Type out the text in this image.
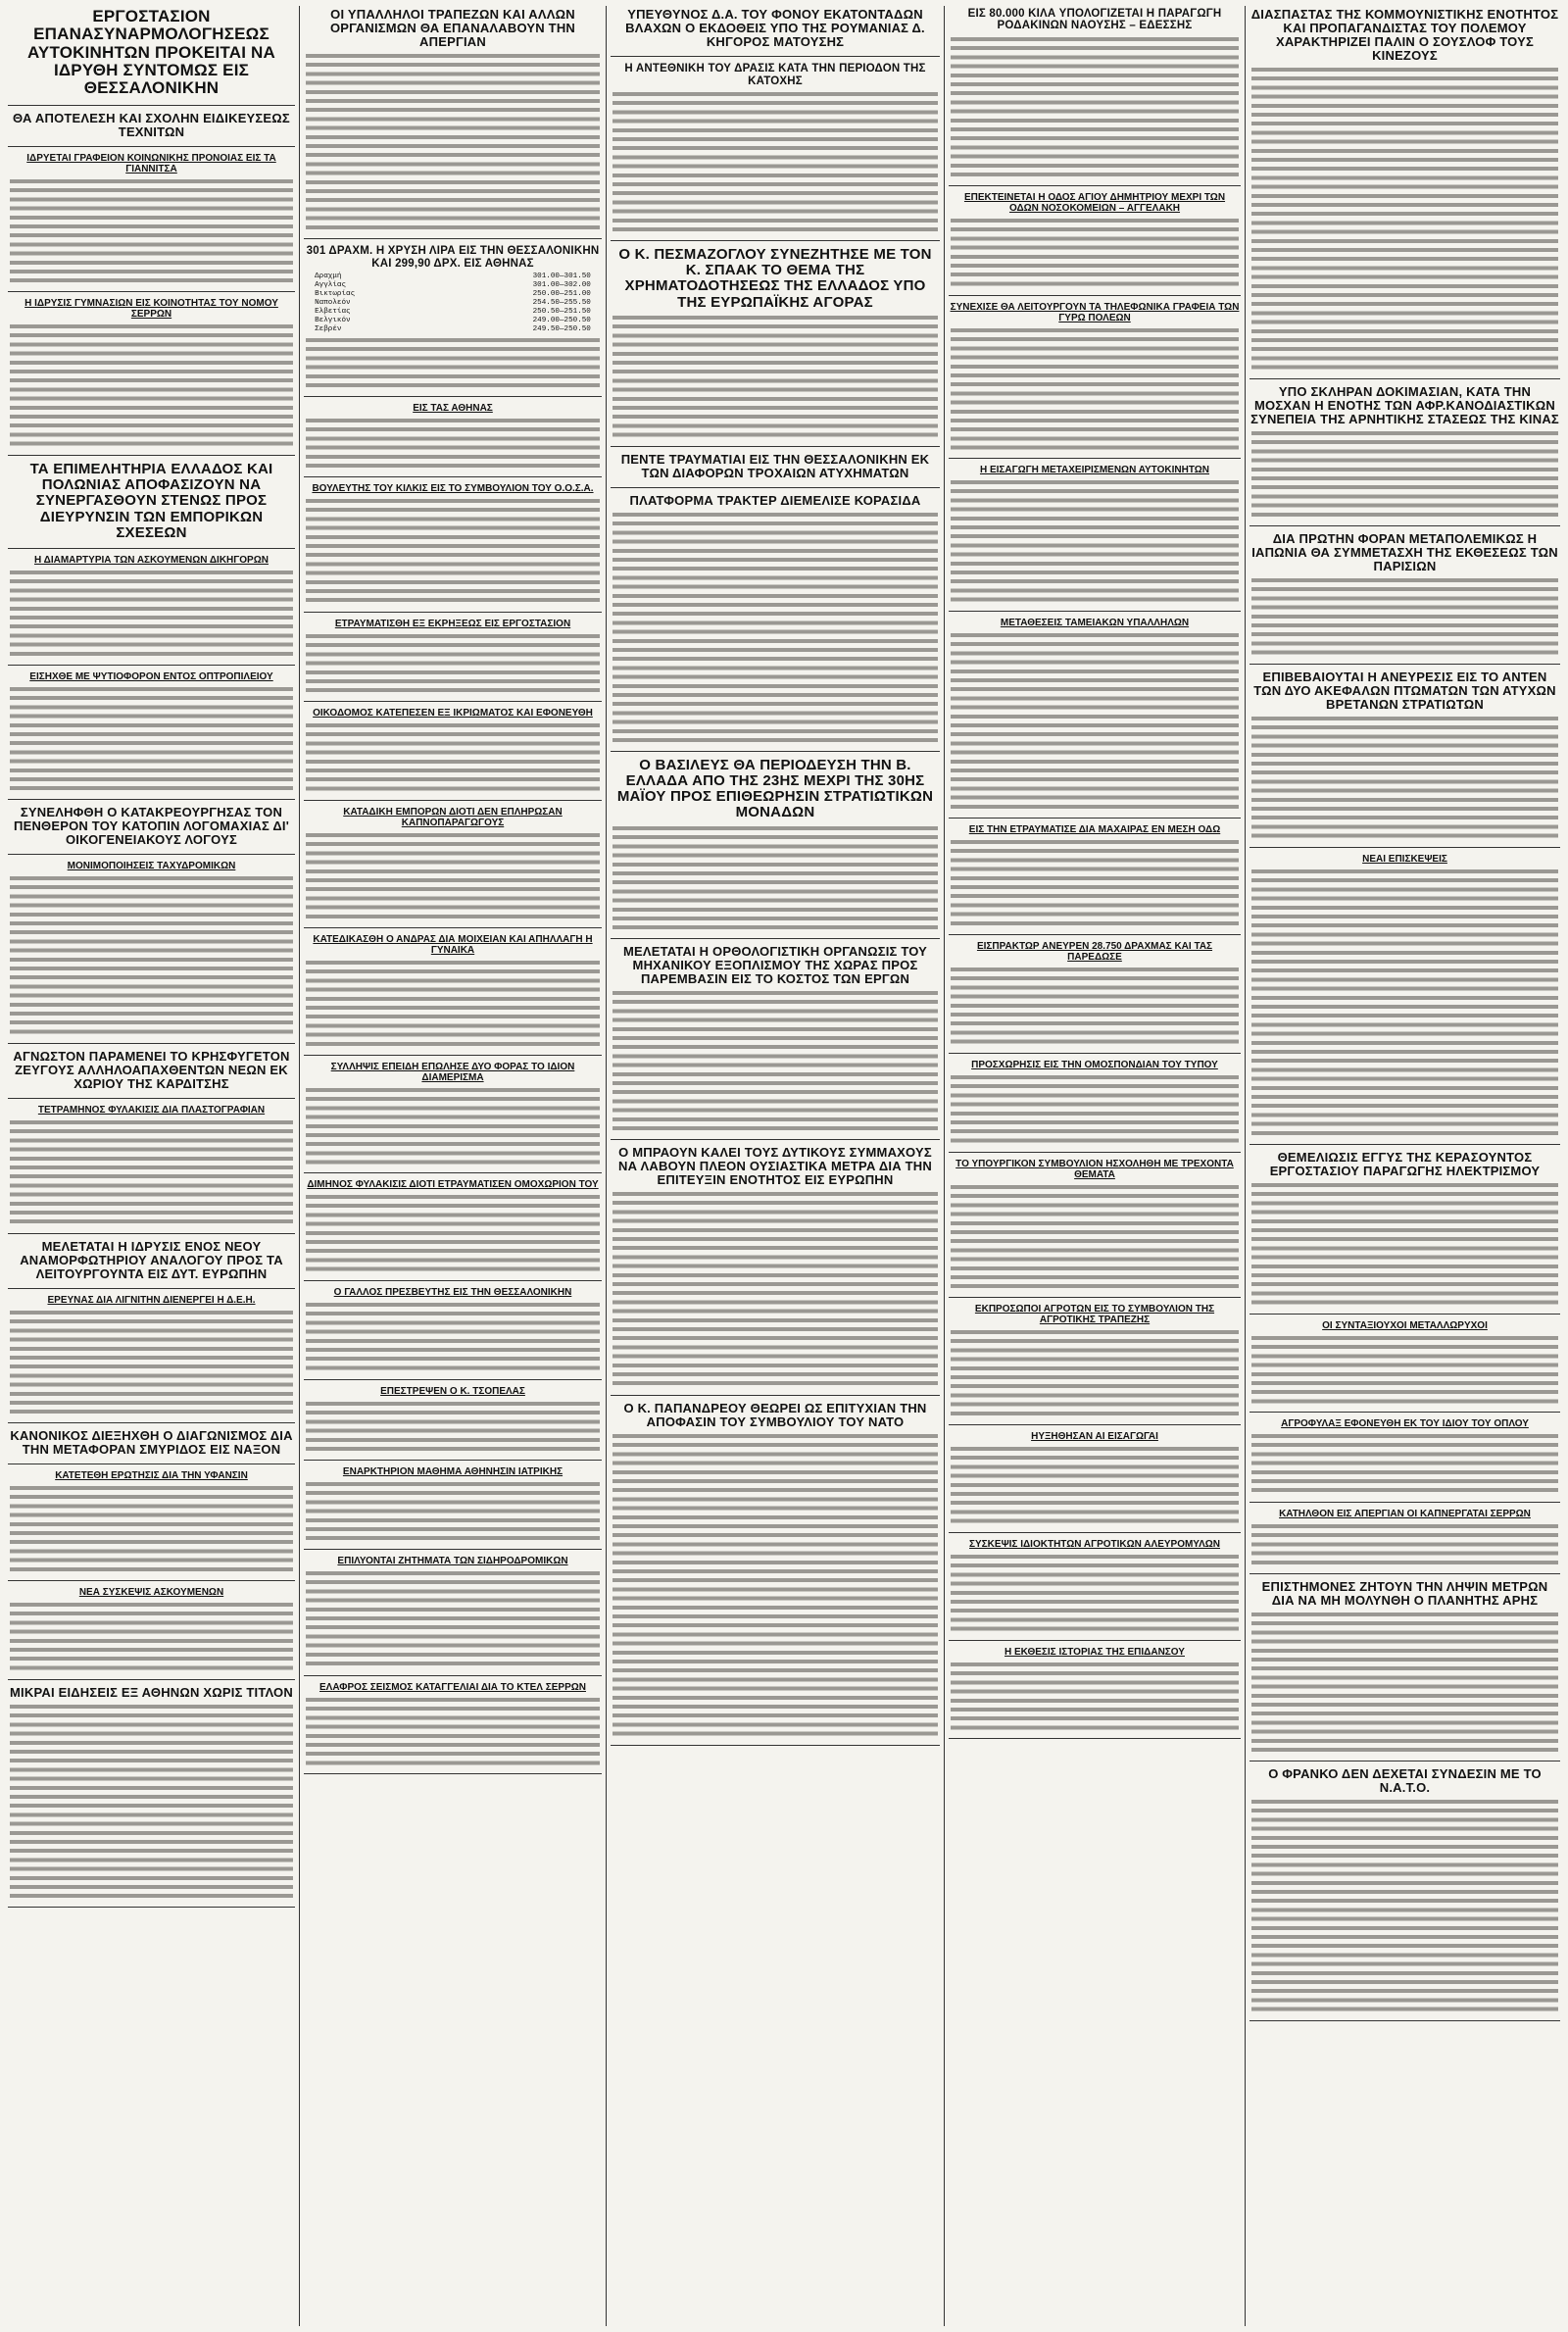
ΕΡΓΟΣΤΑΣΙΟΝ ΕΠΑΝΑΣΥΝΑΡΜΟΛΟΓΗΣΕΩΣ ΑΥΤΟΚΙΝΗΤΩΝ ΠΡΟΚΕΙΤΑΙ ΝΑ ΙΔΡΥΘΗ ΣΥΝΤΟΜΩΣ ΕΙΣ ΘΕΣΣΑΛΟΝΙΚΗΝ
ΘΑ ΑΠΟΤΕΛΕΣΗ ΚΑΙ ΣΧΟΛΗΝ ΕΙΔΙΚΕΥΣΕΩΣ ΤΕΧΝΙΤΩΝ
ΙΔΡΥΕΤΑΙ ΓΡΑΦΕΙΟΝ ΚΟΙΝΩΝΙΚΗΣ ΠΡΟΝΟΙΑΣ ΕΙΣ ΤΑ ΓΙΑΝΝΙΤΣΑ

Η ΙΔΡΥΣΙΣ ΓΥΜΝΑΣΙΩΝ ΕΙΣ ΚΟΙΝΟΤΗΤΑΣ ΤΟΥ ΝΟΜΟΥ ΣΕΡΡΩΝ

ΤΑ ΕΠΙΜΕΛΗΤΗΡΙΑ ΕΛΛΑΔΟΣ ΚΑΙ ΠΟΛΩΝΙΑΣ ΑΠΟΦΑΣΙΖΟΥΝ ΝΑ ΣΥΝΕΡΓΑΣΘΟΥΝ ΣΤΕΝΩΣ ΠΡΟΣ ΔΙΕΥΡΥΝΣΙΝ ΤΩΝ ΕΜΠΟΡΙΚΩΝ ΣΧΕΣΕΩΝ
Η ΔΙΑΜΑΡΤΥΡΙΑ ΤΩΝ ΑΣΚΟΥΜΕΝΩΝ ΔΙΚΗΓΟΡΩΝ

ΕΙΣΗΧΘΕ ΜΕ ΨΥΤΙΟΦΟΡΟΝ ΕΝΤΟΣ ΟΠΤΡΟΠΙΛΕΙΟΥ

ΣΥΝΕΛΗΦΘΗ Ο ΚΑΤΑΚΡΕΟΥΡΓΗΣΑΣ ΤΟΝ ΠΕΝΘΕΡΟΝ ΤΟΥ ΚΑΤΟΠΙΝ ΛΟΓΟΜΑΧΙΑΣ ΔΙ' ΟΙΚΟΓΕΝΕΙΑΚΟΥΣ ΛΟΓΟΥΣ
ΜΟΝΙΜΟΠΟΙΗΣΕΙΣ ΤΑΧΥΔΡΟΜΙΚΩΝ

ΑΓΝΩΣΤΟΝ ΠΑΡΑΜΕΝΕΙ ΤΟ ΚΡΗΣΦΥΓΕΤΟΝ ΖΕΥΓΟΥΣ ΑΛΛΗΛΟΑΠΑΧΘΕΝΤΩΝ ΝΕΩΝ ΕΚ ΧΩΡΙΟΥ ΤΗΣ ΚΑΡΔΙΤΣΗΣ
ΤΕΤΡΑΜΗΝΟΣ ΦΥΛΑΚΙΣΙΣ ΔΙΑ ΠΛΑΣΤΟΓΡΑΦΙΑΝ

ΜΕΛΕΤΑΤΑΙ Η ΙΔΡΥΣΙΣ ΕΝΟΣ ΝΕΟΥ ΑΝΑΜΟΡΦΩΤΗΡΙΟΥ ΑΝΑΛΟΓΟΥ ΠΡΟΣ ΤΑ ΛΕΙΤΟΥΡΓΟΥΝΤΑ ΕΙΣ ΔΥΤ. ΕΥΡΩΠΗΝ
ΕΡΕΥΝΑΣ ΔΙΑ ΛΙΓΝΙΤΗΝ ΔΙΕΝΕΡΓΕΙ Η Δ.Ε.Η.

ΚΑΝΟΝΙΚΟΣ ΔΙΕΞΗΧΘΗ Ο ΔΙΑΓΩΝΙΣΜΟΣ ΔΙΑ ΤΗΝ ΜΕΤΑΦΟΡΑΝ ΣΜΥΡΙΔΟΣ ΕΙΣ ΝΑΞΟΝ
ΚΑΤΕΤΕΘΗ ΕΡΩΤΗΣΙΣ ΔΙΑ ΤΗΝ ΥΦΑΝΣΙΝ

ΝΕΑ ΣΥΣΚΕΨΙΣ ΑΣΚΟΥΜΕΝΩΝ

ΜΙΚΡΑΙ ΕΙΔΗΣΕΙΣ ΕΞ ΑΘΗΝΩΝ ΧΩΡΙΣ ΤΙΤΛΟΝ

ΟΙ ΥΠΑΛΛΗΛΟΙ ΤΡΑΠΕΖΩΝ ΚΑΙ ΑΛΛΩΝ ΟΡΓΑΝΙΣΜΩΝ ΘΑ ΕΠΑΝΑΛΑΒΟΥΝ ΤΗΝ ΑΠΕΡΓΙΑΝ

301 ΔΡΑΧΜ. Η ΧΡΥΣΗ ΛΙΡΑ ΕΙΣ ΤΗΝ ΘΕΣΣΑΛΟΝΙΚΗΝ ΚΑΙ 299,90 ΔΡΧ. ΕΙΣ ΑΘΗΝΑΣ
Δραχμή	301.00—301.50
Αγγλίας	301.00—302.00
Βικτωρίας	250.00—251.00
Ναπολεόν	254.50—255.50
Ελβετίας	250.50—251.50
Βελγικόν	249.00—250.50
Σεβρέν	249.50—250.50

ΕΙΣ ΤΑΣ ΑΘΗΝΑΣ

ΒΟΥΛΕΥΤΗΣ ΤΟΥ ΚΙΛΚΙΣ ΕΙΣ ΤΟ ΣΥΜΒΟΥΛΙΟΝ ΤΟΥ Ο.Ο.Σ.Α.

ΕΤΡΑΥΜΑΤΙΣΘΗ ΕΞ ΕΚΡΗΞΕΩΣ ΕΙΣ ΕΡΓΟΣΤΑΣΙΟΝ

ΟΙΚΟΔΟΜΟΣ ΚΑΤΕΠΕΣΕΝ ΕΞ ΙΚΡΙΩΜΑΤΟΣ ΚΑΙ ΕΦΟΝΕΥΘΗ

ΚΑΤΑΔΙΚΗ ΕΜΠΟΡΩΝ ΔΙΟΤΙ ΔΕΝ ΕΠΛΗΡΩΣΑΝ ΚΑΠΝΟΠΑΡΑΓΩΓΟΥΣ

ΚΑΤΕΔΙΚΑΣΘΗ Ο ΑΝΔΡΑΣ ΔΙΑ ΜΟΙΧΕΙΑΝ ΚΑΙ ΑΠΗΛΛΑΓΗ Η ΓΥΝΑΙΚΑ

ΣΥΛΛΗΨΙΣ ΕΠΕΙΔΗ ΕΠΩΛΗΣΕ ΔΥΟ ΦΟΡΑΣ ΤΟ ΙΔΙΟΝ ΔΙΑΜΕΡΙΣΜΑ

ΔΙΜΗΝΟΣ ΦΥΛΑΚΙΣΙΣ ΔΙΟΤΙ ΕΤΡΑΥΜΑΤΙΣΕΝ ΟΜΟΧΩΡΙΟΝ ΤΟΥ

Ο ΓΑΛΛΟΣ ΠΡΕΣΒΕΥΤΗΣ ΕΙΣ ΤΗΝ ΘΕΣΣΑΛΟΝΙΚΗΝ

ΕΠΕΣΤΡΕΨΕΝ Ο Κ. ΤΣΟΠΕΛΑΣ

ΕΝΑΡΚΤΗΡΙΟΝ ΜΑΘΗΜΑ ΑΘΗΝΗΣΙΝ ΙΑΤΡΙΚΗΣ

ΕΠΙΛΥΟΝΤΑΙ ΖΗΤΗΜΑΤΑ ΤΩΝ ΣΙΔΗΡΟΔΡΟΜΙΚΩΝ

ΕΛΑΦΡΟΣ ΣΕΙΣΜΟΣ ΚΑΤΑΓΓΕΛΙΑΙ ΔΙΑ ΤΟ ΚΤΕΛ ΣΕΡΡΩΝ

ΥΠΕΥΘΥΝΟΣ Δ.Α. ΤΟΥ ΦΟΝΟΥ ΕΚΑΤΟΝΤΑΔΩΝ ΒΛΑΧΩΝ Ο ΕΚΔΟΘΕΙΣ ΥΠΟ ΤΗΣ ΡΟΥΜΑΝΙΑΣ Δ. ΚΗΓΟΡΟΣ ΜΑΤΟΥΣΗΣ
Η ΑΝΤΕΘΝΙΚΗ ΤΟΥ ΔΡΑΣΙΣ ΚΑΤΑ ΤΗΝ ΠΕΡΙΟΔΟΝ ΤΗΣ ΚΑΤΟΧΗΣ

Ο Κ. ΠΕΣΜΑΖΟΓΛΟΥ ΣΥΝΕΖΗΤΗΣΕ ΜΕ ΤΟΝ Κ. ΣΠΑΑΚ ΤΟ ΘΕΜΑ ΤΗΣ ΧΡΗΜΑΤΟΔΟΤΗΣΕΩΣ ΤΗΣ ΕΛΛΑΔΟΣ ΥΠΟ ΤΗΣ ΕΥΡΩΠΑΪΚΗΣ ΑΓΟΡΑΣ

ΠΕΝΤΕ ΤΡΑΥΜΑΤΙΑΙ ΕΙΣ ΤΗΝ ΘΕΣΣΑΛΟΝΙΚΗΝ ΕΚ ΤΩΝ ΔΙΑΦΟΡΩΝ ΤΡΟΧΑΙΩΝ ΑΤΥΧΗΜΑΤΩΝ
ΠΛΑΤΦΟΡΜΑ ΤΡΑΚΤΕΡ ΔΙΕΜΕΛΙΣΕ ΚΟΡΑΣΙΔΑ

Ο ΒΑΣΙΛΕΥΣ ΘΑ ΠΕΡΙΟΔΕΥΣΗ ΤΗΝ Β. ΕΛΛΑΔΑ ΑΠΟ ΤΗΣ 23ΗΣ ΜΕΧΡΙ ΤΗΣ 30ΗΣ ΜΑΪΟΥ ΠΡΟΣ ΕΠΙΘΕΩΡΗΣΙΝ ΣΤΡΑΤΙΩΤΙΚΩΝ ΜΟΝΑΔΩΝ

ΜΕΛΕΤΑΤΑΙ Η ΟΡΘΟΛΟΓΙΣΤΙΚΗ ΟΡΓΑΝΩΣΙΣ ΤΟΥ ΜΗΧΑΝΙΚΟΥ ΕΞΟΠΛΙΣΜΟΥ ΤΗΣ ΧΩΡΑΣ ΠΡΟΣ ΠΑΡΕΜΒΑΣΙΝ ΕΙΣ ΤΟ ΚΟΣΤΟΣ ΤΩΝ ΕΡΓΩΝ

Ο ΜΠΡΑΟΥΝ ΚΑΛΕΙ ΤΟΥΣ ΔΥΤΙΚΟΥΣ ΣΥΜΜΑΧΟΥΣ ΝΑ ΛΑΒΟΥΝ ΠΛΕΟΝ ΟΥΣΙΑΣΤΙΚΑ ΜΕΤΡΑ ΔΙΑ ΤΗΝ ΕΠΙΤΕΥΞΙΝ ΕΝΟΤΗΤΟΣ ΕΙΣ ΕΥΡΩΠΗΝ

Ο Κ. ΠΑΠΑΝΔΡΕΟΥ ΘΕΩΡΕΙ ΩΣ ΕΠΙΤΥΧΙΑΝ ΤΗΝ ΑΠΟΦΑΣΙΝ ΤΟΥ ΣΥΜΒΟΥΛΙΟΥ ΤΟΥ ΝΑΤΟ

ΕΙΣ 80.000 ΚΙΛΑ ΥΠΟΛΟΓΙΖΕΤΑΙ Η ΠΑΡΑΓΩΓΗ ΡΟΔΑΚΙΝΩΝ ΝΑΟΥΣΗΣ – ΕΔΕΣΣΗΣ

ΕΠΕΚΤΕΙΝΕΤΑΙ Η ΟΔΟΣ ΑΓΙΟΥ ΔΗΜΗΤΡΙΟΥ ΜΕΧΡΙ ΤΩΝ ΟΔΩΝ ΝΟΣΟΚΟΜΕΙΩΝ – ΑΓΓΕΛΑΚΗ

ΣΥΝΕΧΙΣΕ ΘΑ ΛΕΙΤΟΥΡΓΟΥΝ ΤΑ ΤΗΛΕΦΩΝΙΚΑ ΓΡΑΦΕΙΑ ΤΩΝ ΓΥΡΩ ΠΟΛΕΩΝ

Η ΕΙΣΑΓΩΓΗ ΜΕΤΑΧΕΙΡΙΣΜΕΝΩΝ ΑΥΤΟΚΙΝΗΤΩΝ

ΜΕΤΑΘΕΣΕΙΣ ΤΑΜΕΙΑΚΩΝ ΥΠΑΛΛΗΛΩΝ

ΕΙΣ ΤΗΝ ΕΤΡΑΥΜΑΤΙΣΕ ΔΙΑ ΜΑΧΑΙΡΑΣ ΕΝ ΜΕΣΗ ΟΔΩ

ΕΙΣΠΡΑΚΤΩΡ ΑΝΕΥΡΕΝ 28.750 ΔΡΑΧΜΑΣ ΚΑΙ ΤΑΣ ΠΑΡΕΔΩΣΕ

ΠΡΟΣΧΩΡΗΣΙΣ ΕΙΣ ΤΗΝ ΟΜΟΣΠΟΝΔΙΑΝ ΤΟΥ ΤΥΠΟΥ

ΤΟ ΥΠΟΥΡΓΙΚΟΝ ΣΥΜΒΟΥΛΙΟΝ ΗΣΧΟΛΗΘΗ ΜΕ ΤΡΕΧΟΝΤΑ ΘΕΜΑΤΑ

ΕΚΠΡΟΣΩΠΟΙ ΑΓΡΟΤΩΝ ΕΙΣ ΤΟ ΣΥΜΒΟΥΛΙΟΝ ΤΗΣ ΑΓΡΟΤΙΚΗΣ ΤΡΑΠΕΖΗΣ

ΗΥΞΗΘΗΣΑΝ ΑΙ ΕΙΣΑΓΩΓΑΙ

ΣΥΣΚΕΨΙΣ ΙΔΙΟΚΤΗΤΩΝ ΑΓΡΟΤΙΚΩΝ ΑΛΕΥΡΟΜΥΛΩΝ

Η ΕΚΘΕΣΙΣ ΙΣΤΟΡΙΑΣ ΤΗΣ ΕΠΙΔΑΝΣΟΥ

ΔΙΑΣΠΑΣΤΑΣ ΤΗΣ ΚΟΜΜΟΥΝΙΣΤΙΚΗΣ ΕΝΟΤΗΤΟΣ ΚΑΙ ΠΡΟΠΑΓΑΝΔΙΣΤΑΣ ΤΟΥ ΠΟΛΕΜΟΥ ΧΑΡΑΚΤΗΡΙΖΕΙ ΠΑΛΙΝ Ο ΣΟΥΣΛΟΦ ΤΟΥΣ ΚΙΝΕΖΟΥΣ

ΥΠΟ ΣΚΛΗΡΑΝ ΔΟΚΙΜΑΣΙΑΝ, ΚΑΤΑ ΤΗΝ ΜΟΣΧΑΝ Η ΕΝΟΤΗΣ ΤΩΝ ΑΦΡ.ΚΑΝΟΔΙΑΣΤΙΚΩΝ ΣΥΝΕΠΕΙΑ ΤΗΣ ΑΡΝΗΤΙΚΗΣ ΣΤΑΣΕΩΣ ΤΗΣ ΚΙΝΑΣ

ΔΙΑ ΠΡΩΤΗΝ ΦΟΡΑΝ ΜΕΤΑΠΟΛΕΜΙΚΩΣ Η ΙΑΠΩΝΙΑ ΘΑ ΣΥΜΜΕΤΑΣΧΗ ΤΗΣ ΕΚΘΕΣΕΩΣ ΤΩΝ ΠΑΡΙΣΙΩΝ

ΕΠΙΒΕΒΑΙΟΥΤΑΙ Η ΑΝΕΥΡΕΣΙΣ ΕΙΣ ΤΟ ΑΝΤΕΝ ΤΩΝ ΔΥΟ ΑΚΕΦΑΛΩΝ ΠΤΩΜΑΤΩΝ ΤΩΝ ΑΤΥΧΩΝ ΒΡΕΤΑΝΩΝ ΣΤΡΑΤΙΩΤΩΝ

ΝΕΑΙ ΕΠΙΣΚΕΨΕΙΣ

ΘΕΜΕΛΙΩΣΙΣ ΕΓΓΥΣ ΤΗΣ ΚΕΡΑΣΟΥΝΤΟΣ ΕΡΓΟΣΤΑΣΙΟΥ ΠΑΡΑΓΩΓΗΣ ΗΛΕΚΤΡΙΣΜΟΥ

ΟΙ ΣΥΝΤΑΞΙΟΥΧΟΙ ΜΕΤΑΛΛΩΡΥΧΟΙ

ΑΓΡΟΦΥΛΑΞ ΕΦΟΝΕΥΘΗ ΕΚ ΤΟΥ ΙΔΙΟΥ ΤΟΥ ΟΠΛΟΥ

ΚΑΤΗΛΘΟΝ ΕΙΣ ΑΠΕΡΓΙΑΝ ΟΙ ΚΑΠΝΕΡΓΑΤΑΙ ΣΕΡΡΩΝ

ΕΠΙΣΤΗΜΟΝΕΣ ΖΗΤΟΥΝ ΤΗΝ ΛΗΨΙΝ ΜΕΤΡΩΝ ΔΙΑ ΝΑ ΜΗ ΜΟΛΥΝΘΗ Ο ΠΛΑΝΗΤΗΣ ΑΡΗΣ

Ο ΦΡΑΝΚΟ ΔΕΝ ΔΕΧΕΤΑΙ ΣΥΝΔΕΣΙΝ ΜΕ ΤΟ Ν.Α.Τ.Ο.
